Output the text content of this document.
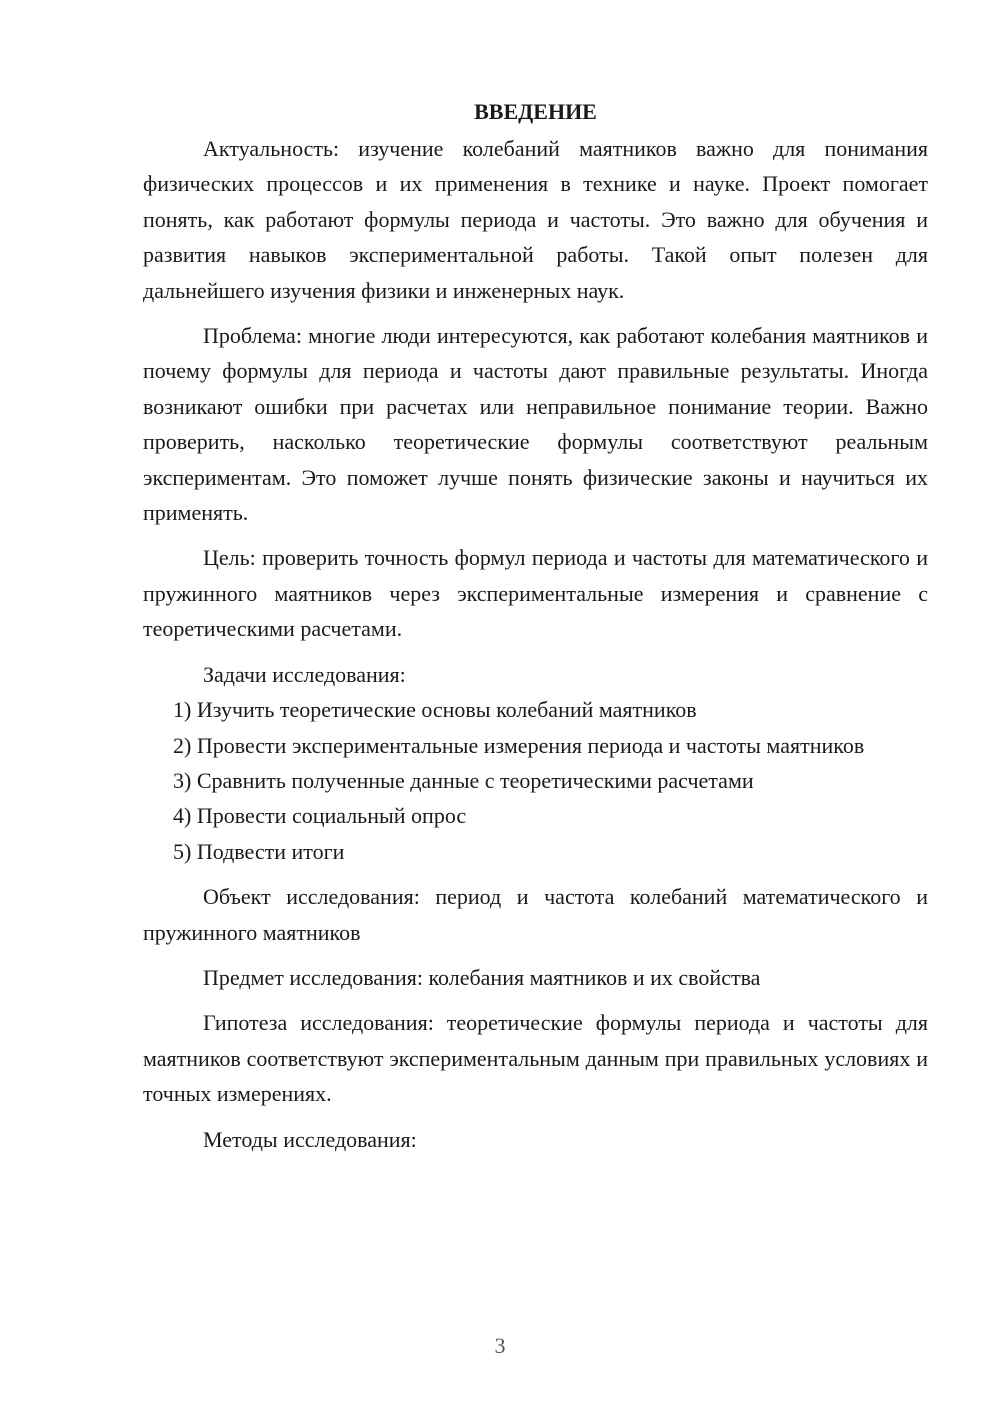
ВВЕДЕНИЕ

Актуальность: изучение колебаний маятников важно для понимания физических процессов и их применения в технике и науке. Проект помогает понять, как работают формулы периода и частоты. Это важно для обучения и развития навыков экспериментальной работы. Такой опыт полезен для дальнейшего изучения физики и инженерных наук.

Проблема: многие люди интересуются, как работают колебания маятников и почему формулы для периода и частоты дают правильные результаты. Иногда возникают ошибки при расчетах или неправильное понимание теории. Важно проверить, насколько теоретические формулы соответствуют реальным экспериментам. Это поможет лучше понять физические законы и научиться их применять.

Цель: проверить точность формул периода и частоты для математического и пружинного маятников через экспериментальные измерения и сравнение с теоретическими расчетами.

Задачи исследования:

1) Изучить теоретические основы колебаний маятников

2) Провести экспериментальные измерения периода и частоты маятников

3) Сравнить полученные данные с теоретическими расчетами

4) Провести социальный опрос

5) Подвести итоги

Объект исследования: период и частота колебаний математического и пружинного маятников

Предмет исследования: колебания маятников и их свойства

Гипотеза исследования: теоретические формулы периода и частоты для маятников соответствуют экспериментальным данным при правильных условиях и точных измерениях.

Методы исследования:

3
